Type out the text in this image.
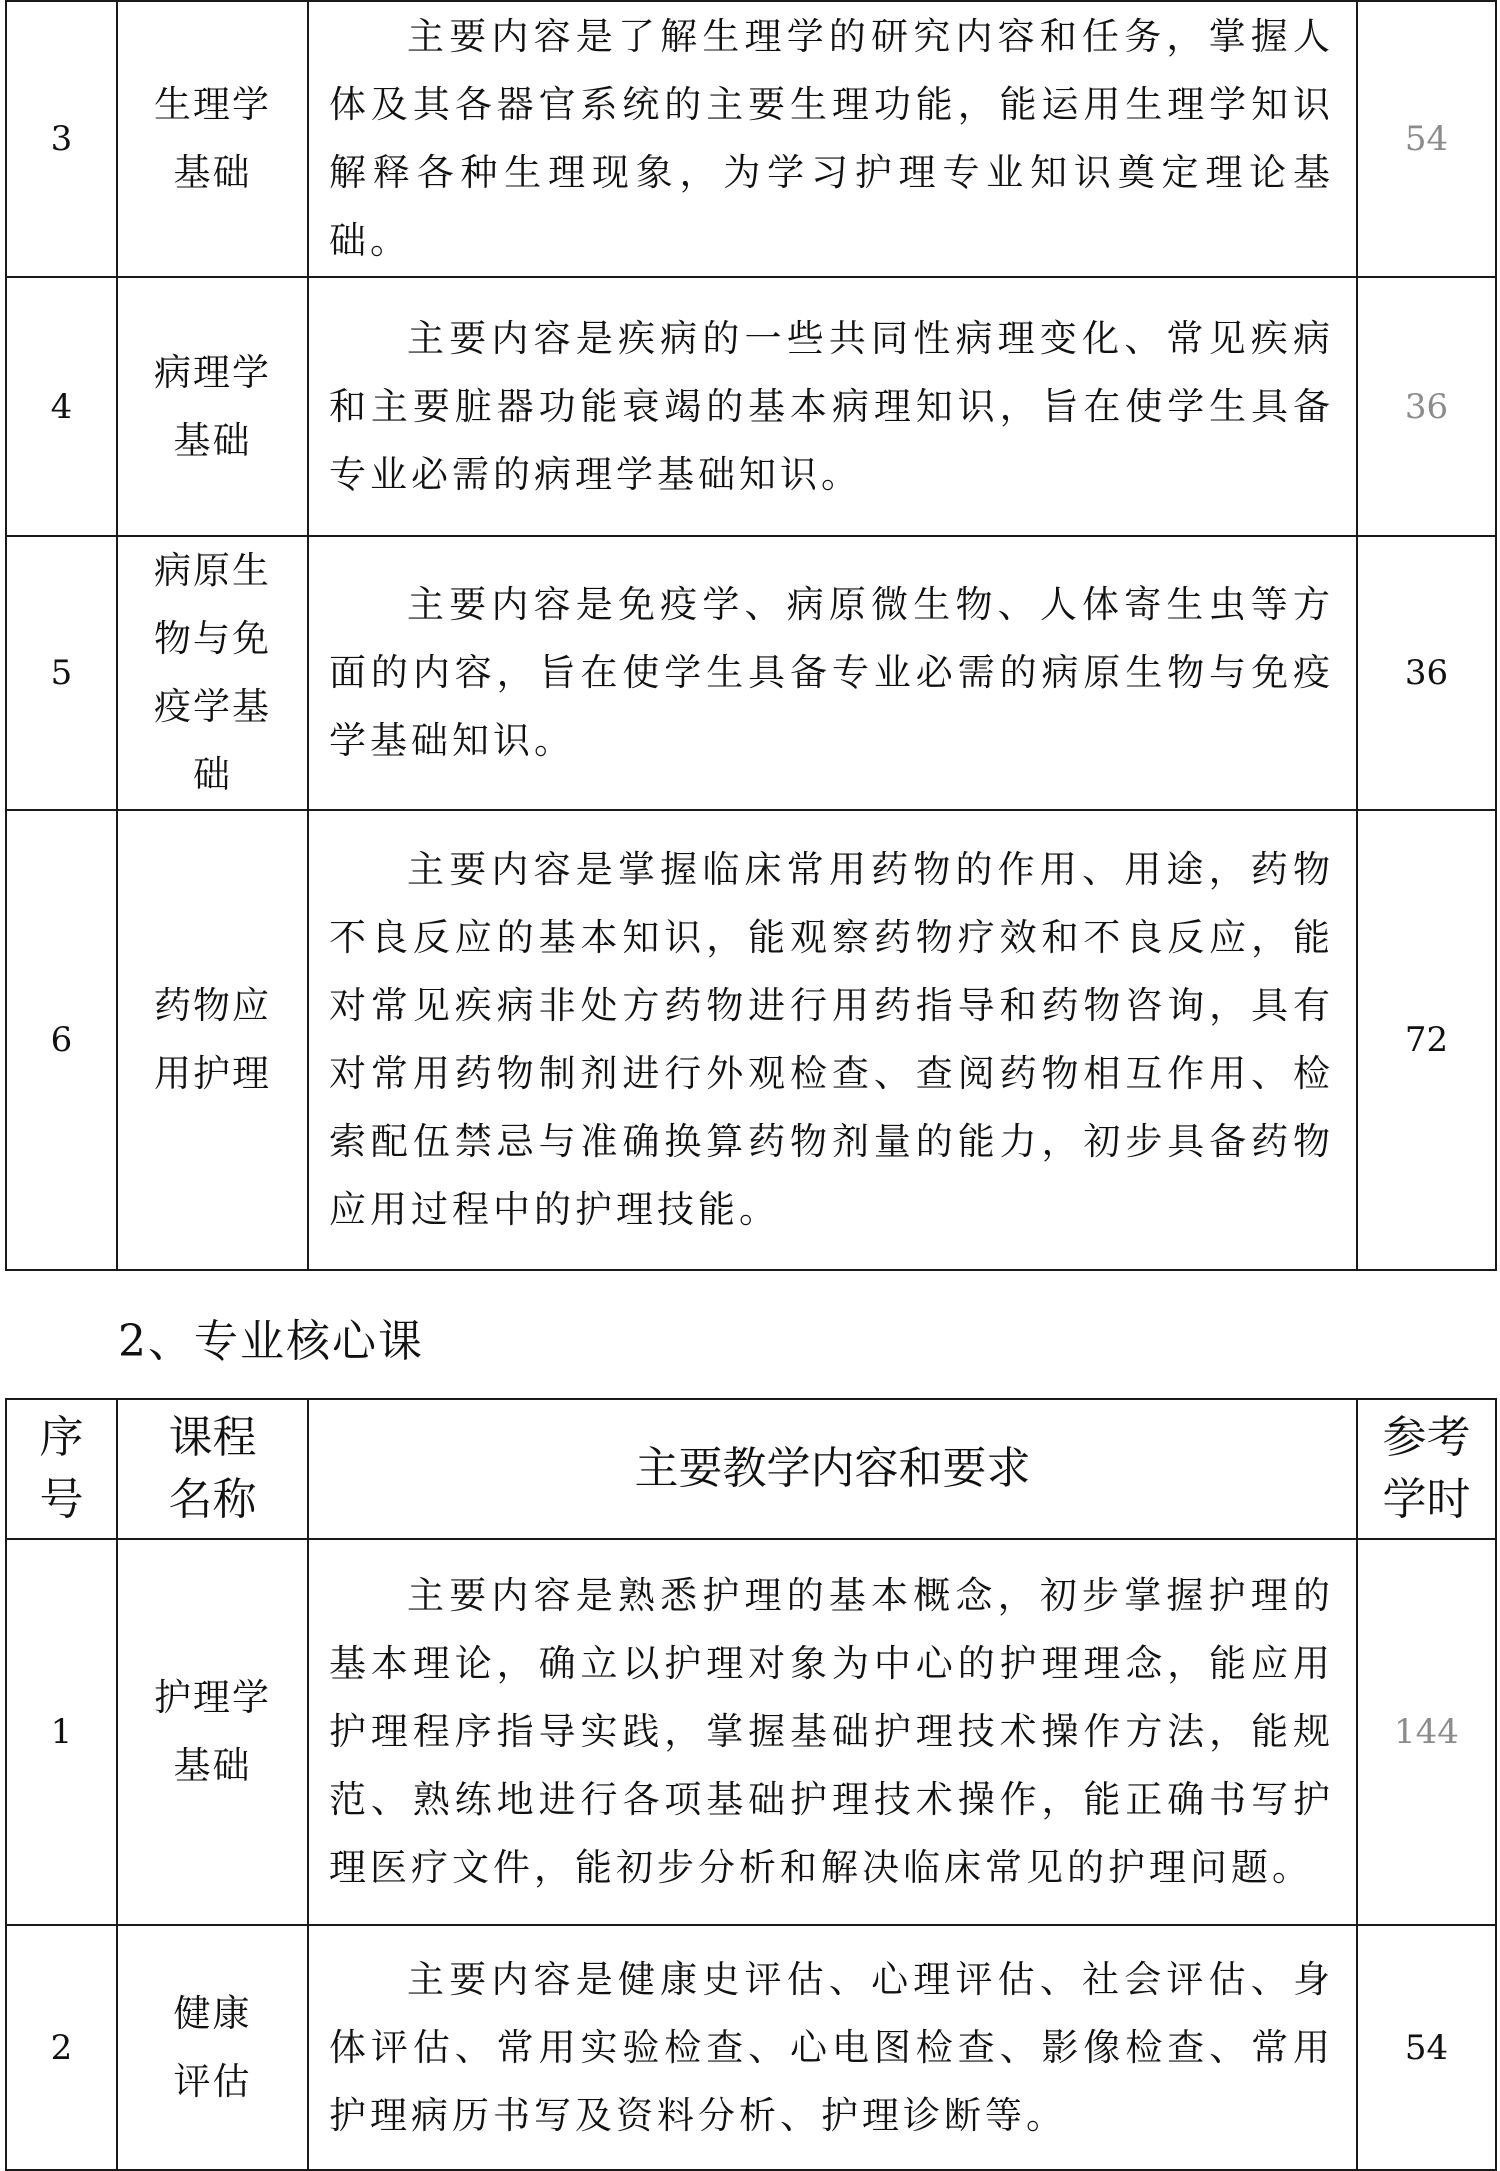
3	生理学基础	主要内容是了解生理学的研究内容和任务，掌握人体及其各器官系统的主要生理功能，能运用生理学知识解释各种生理现象，为学习护理专业知识奠定理论基础。	54
4	病理学基础	主要内容是疾病的一些共同性病理变化、常见疾病和主要脏器功能衰竭的基本病理知识，旨在使学生具备专业必需的病理学基础知识。	36
5	病原生物与免疫学基础	主要内容是免疫学、病原微生物、人体寄生虫等方面的内容，旨在使学生具备专业必需的病原生物与免疫学基础知识。	36
6	药物应用护理	主要内容是掌握临床常用药物的作用、用途，药物不良反应的基本知识，能观察药物疗效和不良反应，能对常见疾病非处方药物进行用药指导和药物咨询，具有对常用药物制剂进行外观检查、查阅药物相互作用、检索配伍禁忌与准确换算药物剂量的能力，初步具备药物应用过程中的护理技能。	72
2、专业核心课
序号	课程名称	主要教学内容和要求	参考学时
1	护理学基础	主要内容是熟悉护理的基本概念，初步掌握护理的基本理论，确立以护理对象为中心的护理理念，能应用护理程序指导实践，掌握基础护理技术操作方法，能规范、熟练地进行各项基础护理技术操作，能正确书写护理医疗文件，能初步分析和解决临床常见的护理问题。	144
2	健康评估	主要内容是健康史评估、心理评估、社会评估、身体评估、常用实验检查、心电图检查、影像检查、常用护理病历书写及资料分析、护理诊断等。	54
